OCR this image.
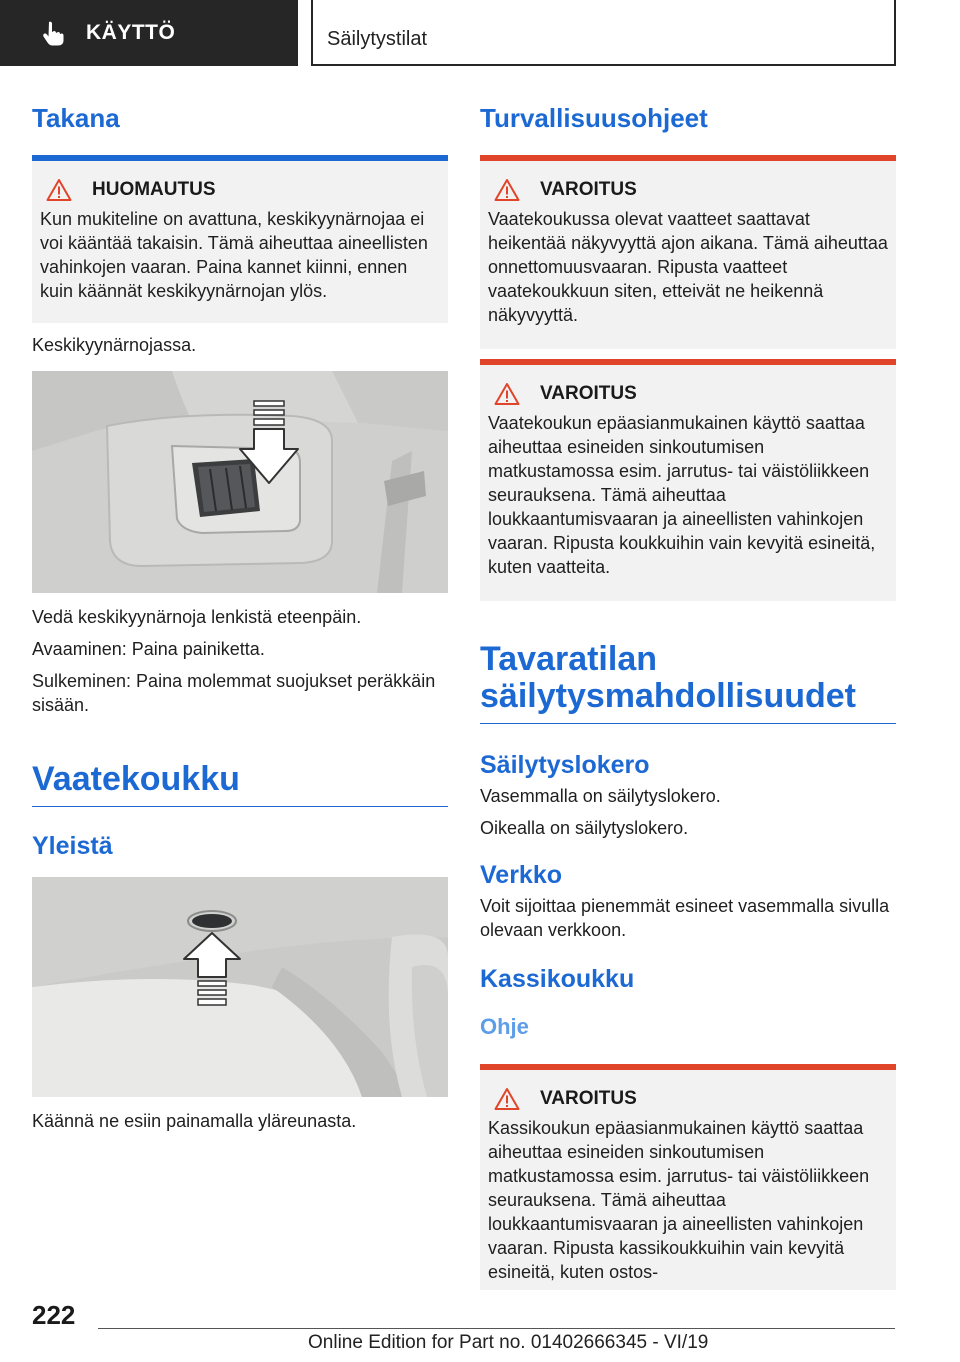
KÄYTTÖ	Säilytystilat
Takana
HUOMAUTUS
Kun mukiteline on avattuna, keskikyynärnojaa ei voi kääntää takaisin. Tämä aiheuttaa aineellisten vahinkojen vaaran. Paina kannet kiinni, ennen kuin käännät keskikyynärnojan ylös.
Keskikyynärnojassa.
Vedä keskikyynärnoja lenkistä eteenpäin.
Avaaminen: Paina painiketta.
Sulkeminen: Paina molemmat suojukset peräkkäin sisään.
Vaatekoukku
Yleistä
Käännä ne esiin painamalla yläreunasta.
Turvallisuusohjeet
VAROITUS
Vaatekoukussa olevat vaatteet saattavat heikentää näkyvyyttä ajon aikana. Tämä aiheuttaa onnettomuusvaaran. Ripusta vaatteet vaatekoukkuun siten, etteivät ne heikennä näkyvyyttä.
VAROITUS
Vaatekoukun epäasianmukainen käyttö saattaa aiheuttaa esineiden sinkoutumisen matkustamossa esim. jarrutus- tai väistöliikkeen seurauksena. Tämä aiheuttaa loukkaantumisvaaran ja aineellisten vahinkojen vaaran. Ripusta koukkuihin vain kevyitä esineitä, kuten vaatteita.
Tavaratilan säilytysmahdollisuudet
Säilytyslokero
Vasemmalla on säilytyslokero.
Oikealla on säilytyslokero.
Verkko
Voit sijoittaa pienemmät esineet vasemmalla sivulla olevaan verkkoon.
Kassikoukku
Ohje
VAROITUS
Kassikoukun epäasianmukainen käyttö saattaa aiheuttaa esineiden sinkoutumisen matkustamossa esim. jarrutus- tai väistöliikkeen seurauksena. Tämä aiheuttaa loukkaantumisvaaran ja aineellisten vahinkojen vaaran. Ripusta kassikoukkuihin vain kevyitä esineitä, kuten ostos-
222
Online Edition for Part no. 01402666345 - VI/19
